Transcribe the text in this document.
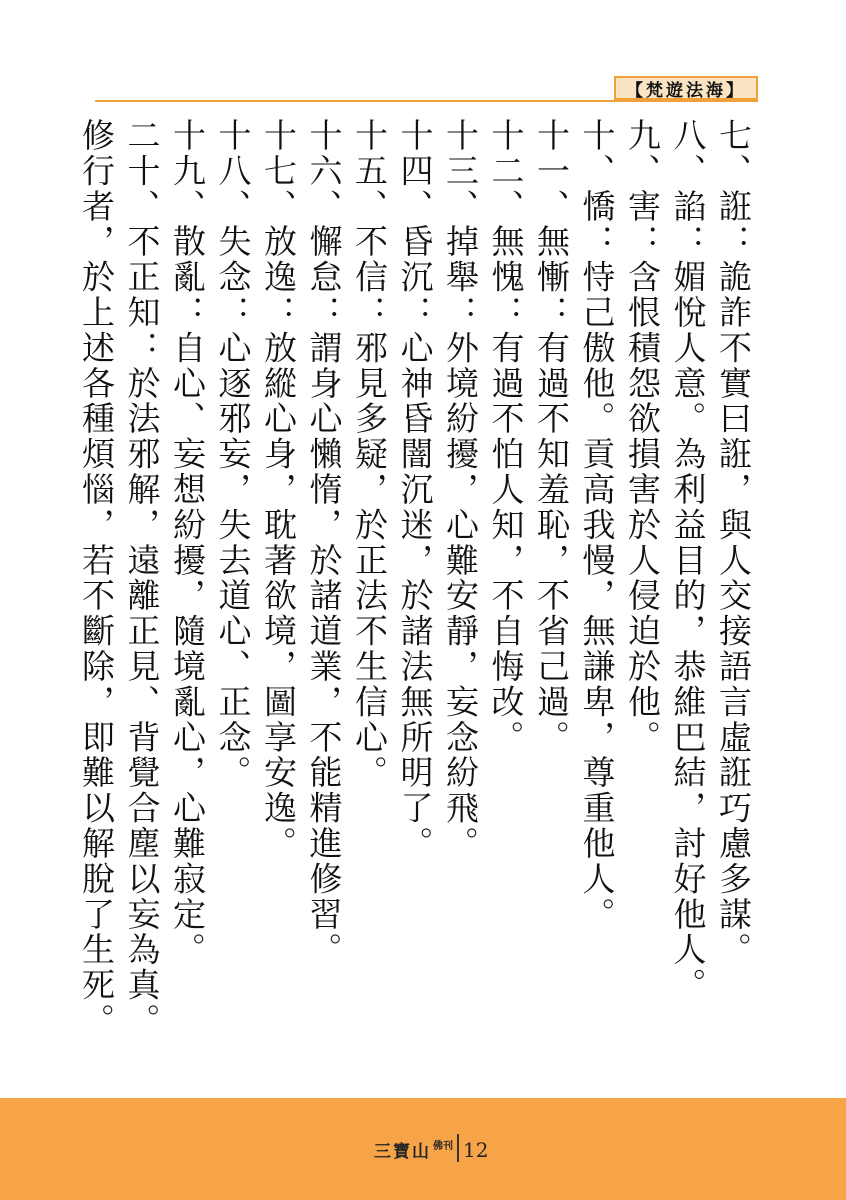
【梵遊法海】
七、誑：詭詐不實曰誑，與人交接語言虛誑巧慮多謀。
八、諂：媚悅人意。為利益目的，恭維巴結，討好他人。
九、害：含恨積怨欲損害於人侵迫於他。
十、憍：恃己傲他。貢高我慢，無謙卑，尊重他人。
十一、無慚：有過不知羞恥，不省己過。
十二、無愧：有過不怕人知，不自悔改。
十三、掉舉：外境紛擾，心難安靜，妄念紛飛。
十四、昏沉：心神昏闇沉迷，於諸法無所明了。
十五、不信：邪見多疑，於正法不生信心。
十六、懈怠：謂身心懶惰，於諸道業，不能精進修習。
十七、放逸：放縱心身，耽著欲境，圖享安逸。
十八、失念：心逐邪妄，失去道心、正念。
十九、散亂：自心、妄想紛擾，隨境亂心，心難寂定。
二十、不正知：於法邪解，遠離正見、背覺合塵以妄為真。
修行者，於上述各種煩惱，若不斷除，即難以解脫了生死。
三寶山 佛刊 12
